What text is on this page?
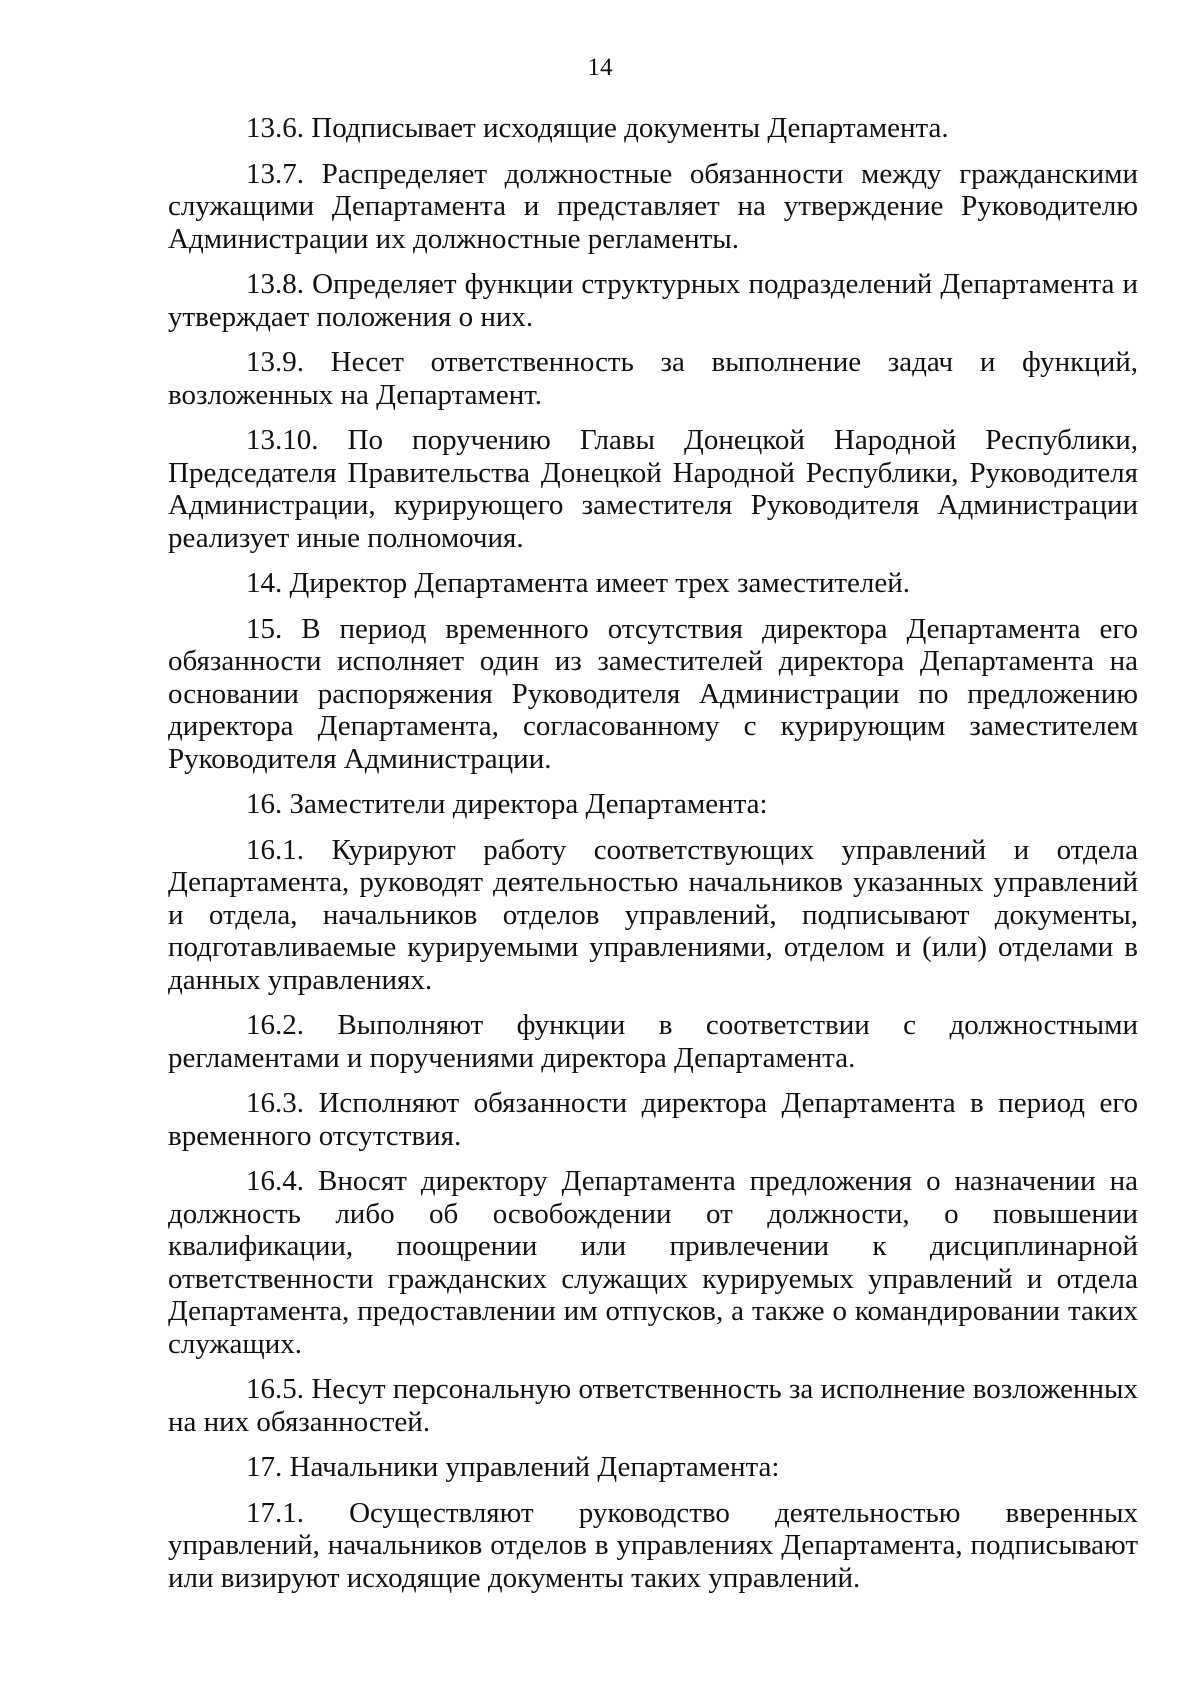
14

13.6. Подписывает исходящие документы Департамента.

13.7. Распределяет должностные обязанности между гражданскими служащими Департамента и представляет на утверждение Руководителю Администрации их должностные регламенты.

13.8. Определяет функции структурных подразделений Департамента и утверждает положения о них.

13.9. Несет ответственность за выполнение задач и функций, возложенных на Департамент.

13.10. По поручению Главы Донецкой Народной Республики, Председателя Правительства Донецкой Народной Республики, Руководителя Администрации, курирующего заместителя Руководителя Администрации реализует иные полномочия.

14. Директор Департамента имеет трех заместителей.

15. В период временного отсутствия директора Департамента его обязанности исполняет один из заместителей директора Департамента на основании распоряжения Руководителя Администрации по предложению директора Департамента, согласованному с курирующим заместителем Руководителя Администрации.

16. Заместители директора Департамента:

16.1. Курируют работу соответствующих управлений и отдела Департамента, руководят деятельностью начальников указанных управлений и отдела, начальников отделов управлений, подписывают документы, подготавливаемые курируемыми управлениями, отделом и (или) отделами в данных управлениях.

16.2. Выполняют функции в соответствии с должностными регламентами и поручениями директора Департамента.

16.3. Исполняют обязанности директора Департамента в период его временного отсутствия.

16.4. Вносят директору Департамента предложения о назначении на должность либо об освобождении от должности, о повышении квалификации, поощрении или привлечении к дисциплинарной ответственности гражданских служащих курируемых управлений и отдела Департамента, предоставлении им отпусков, а также о командировании таких служащих.

16.5. Несут персональную ответственность за исполнение возложенных на них обязанностей.

17. Начальники управлений Департамента:

17.1. Осуществляют руководство деятельностью вверенных управлений, начальников отделов в управлениях Департамента, подписывают или визируют исходящие документы таких управлений.
